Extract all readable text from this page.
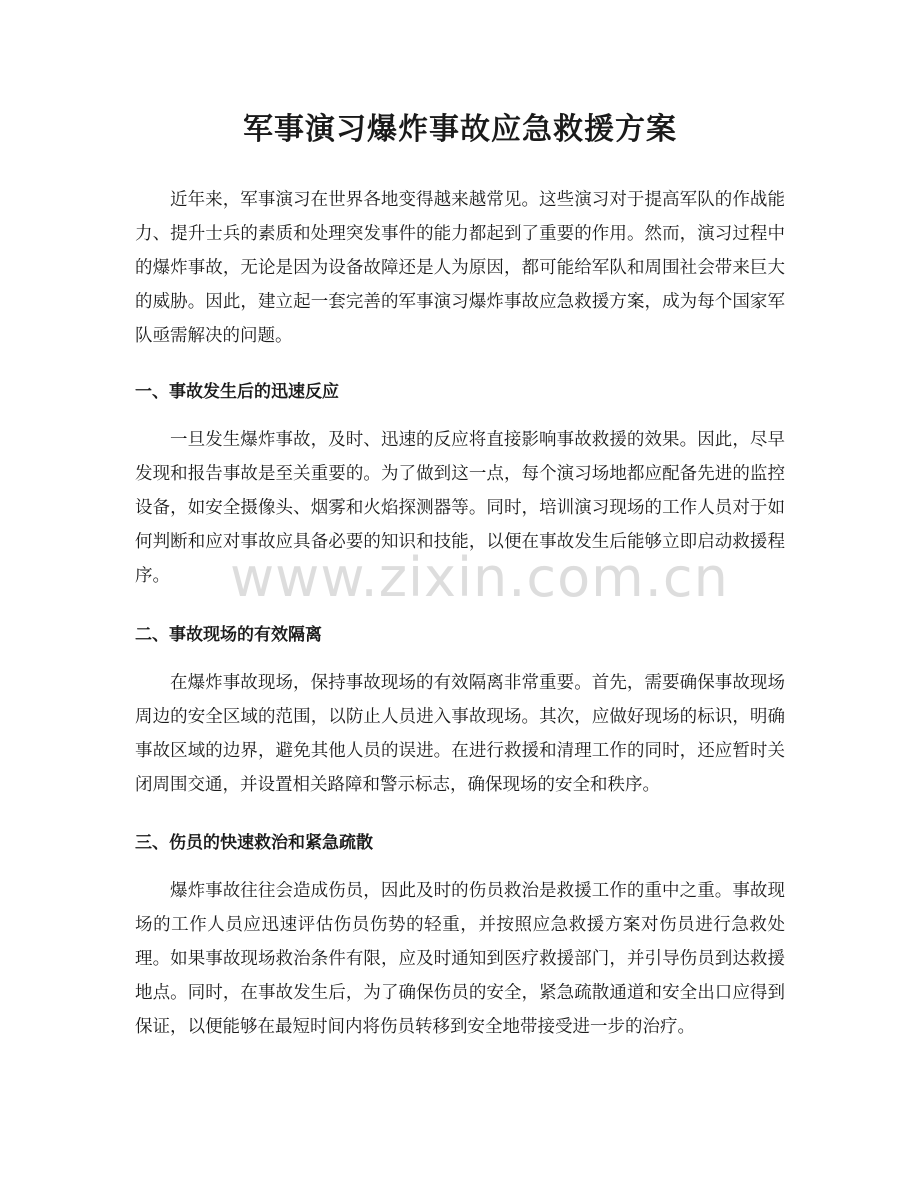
军事演习爆炸事故应急救援方案

近年来，军事演习在世界各地变得越来越常见。这些演习对于提高军队的作战能力、提升士兵的素质和处理突发事件的能力都起到了重要的作用。然而，演习过程中的爆炸事故，无论是因为设备故障还是人为原因，都可能给军队和周围社会带来巨大的威胁。因此，建立起一套完善的军事演习爆炸事故应急救援方案，成为每个国家军队亟需解决的问题。

一、事故发生后的迅速反应

一旦发生爆炸事故，及时、迅速的反应将直接影响事故救援的效果。因此，尽早发现和报告事故是至关重要的。为了做到这一点，每个演习场地都应配备先进的监控设备，如安全摄像头、烟雾和火焰探测器等。同时，培训演习现场的工作人员对于如何判断和应对事故应具备必要的知识和技能，以便在事故发生后能够立即启动救援程序。

二、事故现场的有效隔离

在爆炸事故现场，保持事故现场的有效隔离非常重要。首先，需要确保事故现场周边的安全区域的范围，以防止人员进入事故现场。其次，应做好现场的标识，明确事故区域的边界，避免其他人员的误进。在进行救援和清理工作的同时，还应暂时关闭周围交通，并设置相关路障和警示标志，确保现场的安全和秩序。

三、伤员的快速救治和紧急疏散

爆炸事故往往会造成伤员，因此及时的伤员救治是救援工作的重中之重。事故现场的工作人员应迅速评估伤员伤势的轻重，并按照应急救援方案对伤员进行急救处理。如果事故现场救治条件有限，应及时通知到医疗救援部门，并引导伤员到达救援地点。同时，在事故发生后，为了确保伤员的安全，紧急疏散通道和安全出口应得到保证，以便能够在最短时间内将伤员转移到安全地带接受进一步的治疗。

www.zixin.com.cn
